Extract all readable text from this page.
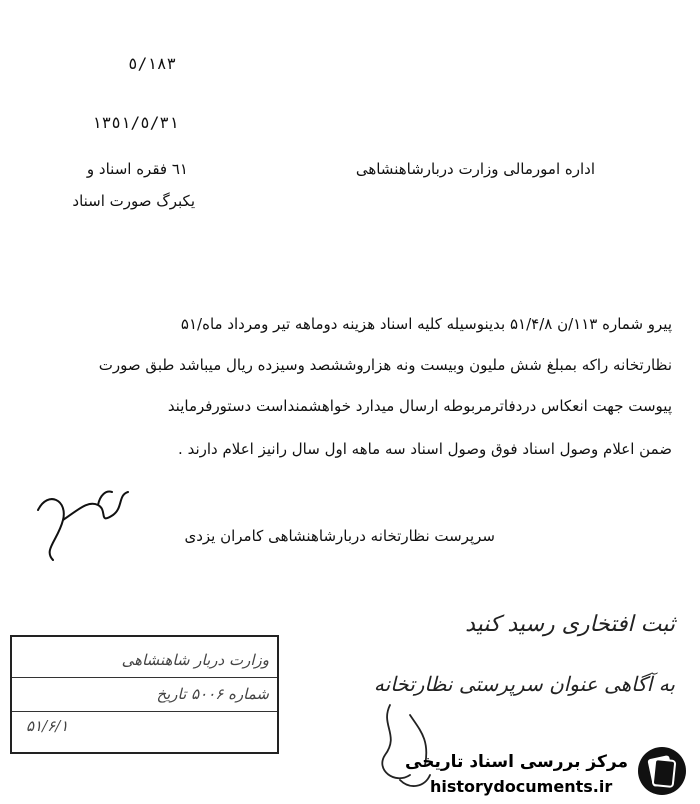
٥/١٨٣
١٣٥١/٥/٣١
٦١ فقره اسناد و
یکبرگ صورت اسناد
اداره امورمالی وزارت دربارشاهنشاهی
پیرو شماره ۱۱۳/ن ۵۱/۴/۸ بدینوسیله کلیه اسناد هزینه دوماهه تیر ومرداد ماه/۵۱
نظارتخانه راکه بمبلغ شش ملیون وبیست ونه هزاروششصد وسیزده ریال میباشد طبق صورت
پیوست جهت انعکاس دردفاترمربوطه ارسال میدارد خواهشمنداست دستورفرمایند
ضمن اعلام وصول اسناد فوق وصول اسناد سه ماهه اول سال رانیز اعلام دارند .
سرپرست نظارتخانه دربارشاهنشاهی کامران یزدی
وزارت دربار شاهنشاهی
شماره ۵۰۰۶ تاریخ
۵۱/۶/۱
ثبت افتخاری رسید کنید
به آگاهی عنوان سرپرستی نظارتخانه
مرکز بررسی اسناد تاریخی
historydocuments.ir
